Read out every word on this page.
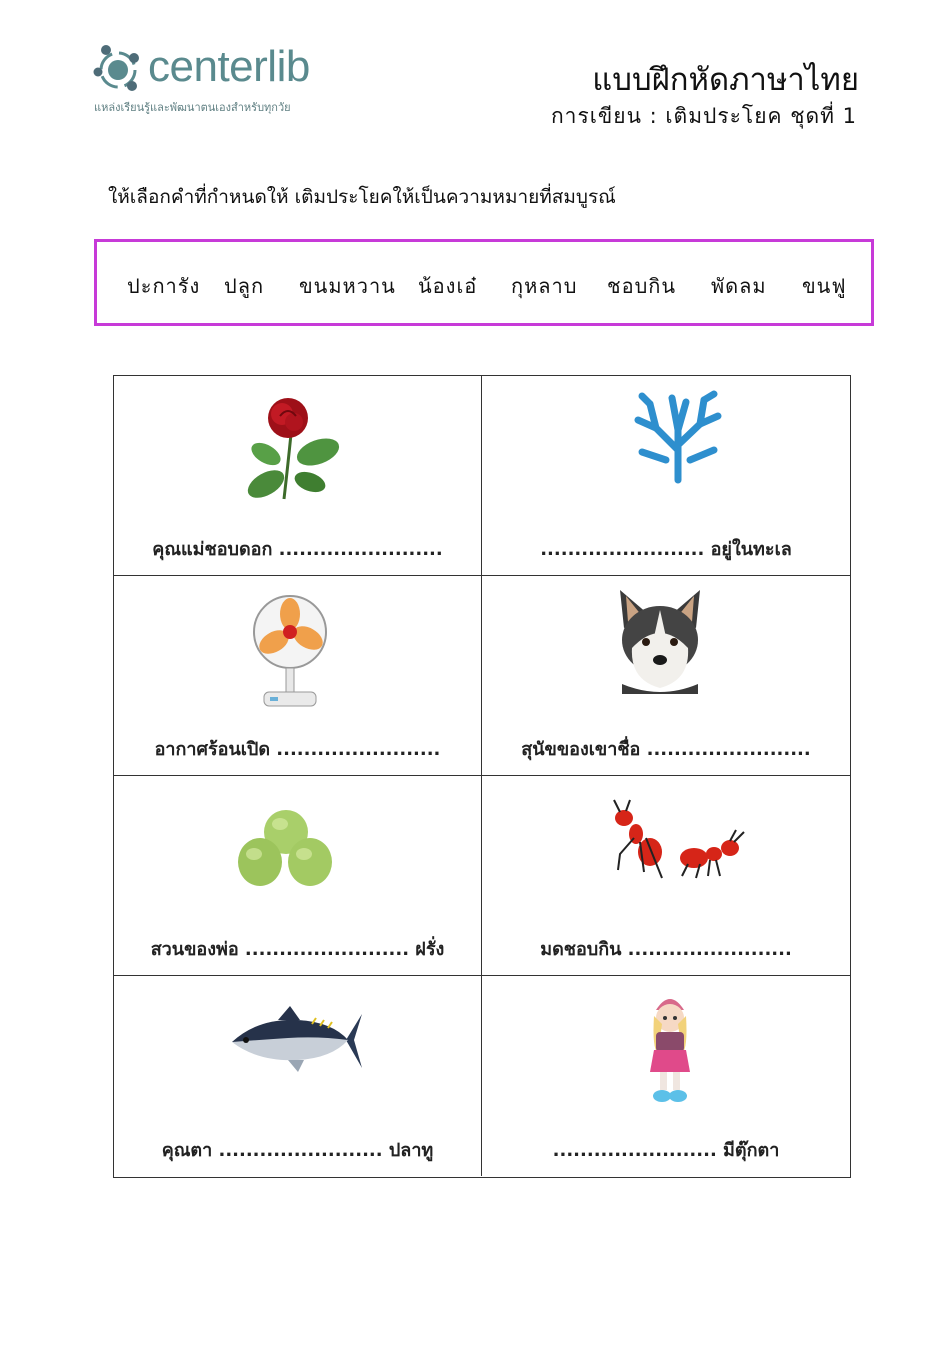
centerlib
แหล่งเรียนรู้และพัฒนาตนเองสำหรับทุกวัย
แบบฝึกหัดภาษาไทย
การเขียน : เติมประโยค ชุดที่ 1
ให้เลือกคำที่กำหนดให้ เติมประโยคให้เป็นความหมายที่สมบูรณ์
ปะการัง ปลูก ขนมหวาน น้องเอ๋ กุหลาบ ชอบกิน พัดลม ขนฟู
คุณแม่ชอบดอก ........................	........................ อยู่ในทะเล
อากาศร้อนเปิด ........................	สุนัขของเขาชื่อ ........................
สวนของพ่อ ........................ ฝรั่ง	มดชอบกิน ........................
คุณตา ........................ ปลาทู	........................ มีตุ๊กตา
